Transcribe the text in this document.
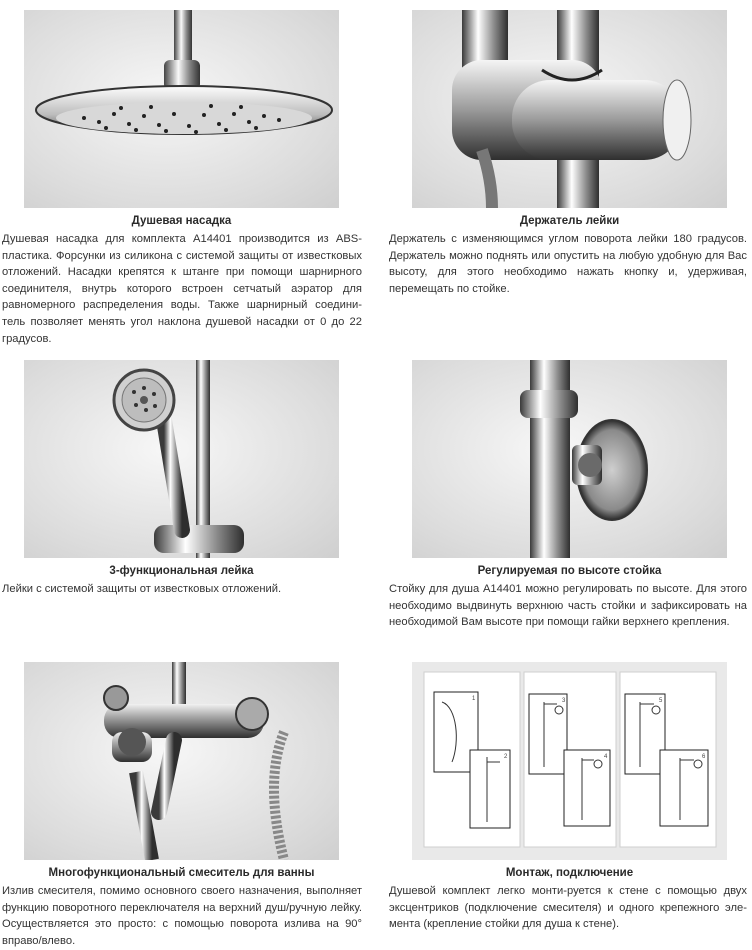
Душевая насадка
Душевая насадка для комплекта A14401 производится из ABS-пластика. Форсунки из силикона с системой защиты от известковых отложений. Насадки крепятся к штанге при помощи шарнирного соединителя, внутрь которого встроен сетчатый аэратор для равномерного распределения воды. Также шарнирный соедини-тель позволяет менять угол наклона душевой насадки от 0 до 22 градусов.
Держатель лейки
Держатель с изменяющимся углом поворота лейки 180 градусов. Держатель можно поднять или опустить на любую удобную для Вас высоту, для этого необходимо нажать кнопку и, удерживая, перемещать по стойке.
3-функциональная лейка
Лейки с системой защиты от известковых отложений.
Регулируемая по высоте стойка
Стойку для душа A14401 можно регулировать по высоте. Для этого необходимо выдвинуть верхнюю часть стойки и зафиксировать на необходимой Вам высоте при помощи гайки верхнего крепления.
Многофункциональный смеситель для ванны
Излив смесителя, помимо основного своего назначения, выполняет функцию поворотного переключателя на верхний душ/ручную лейку. Осуществляется это просто: с помощью поворота излива на 90° вправо/влево.
1
2
3
4
5
6
Монтаж, подключение
Душевой комплект легко монти-руется к стене с помощью двух эксцентриков (подключение смесителя) и одного крепежного эле-мента (крепление стойки для душа к стене).
